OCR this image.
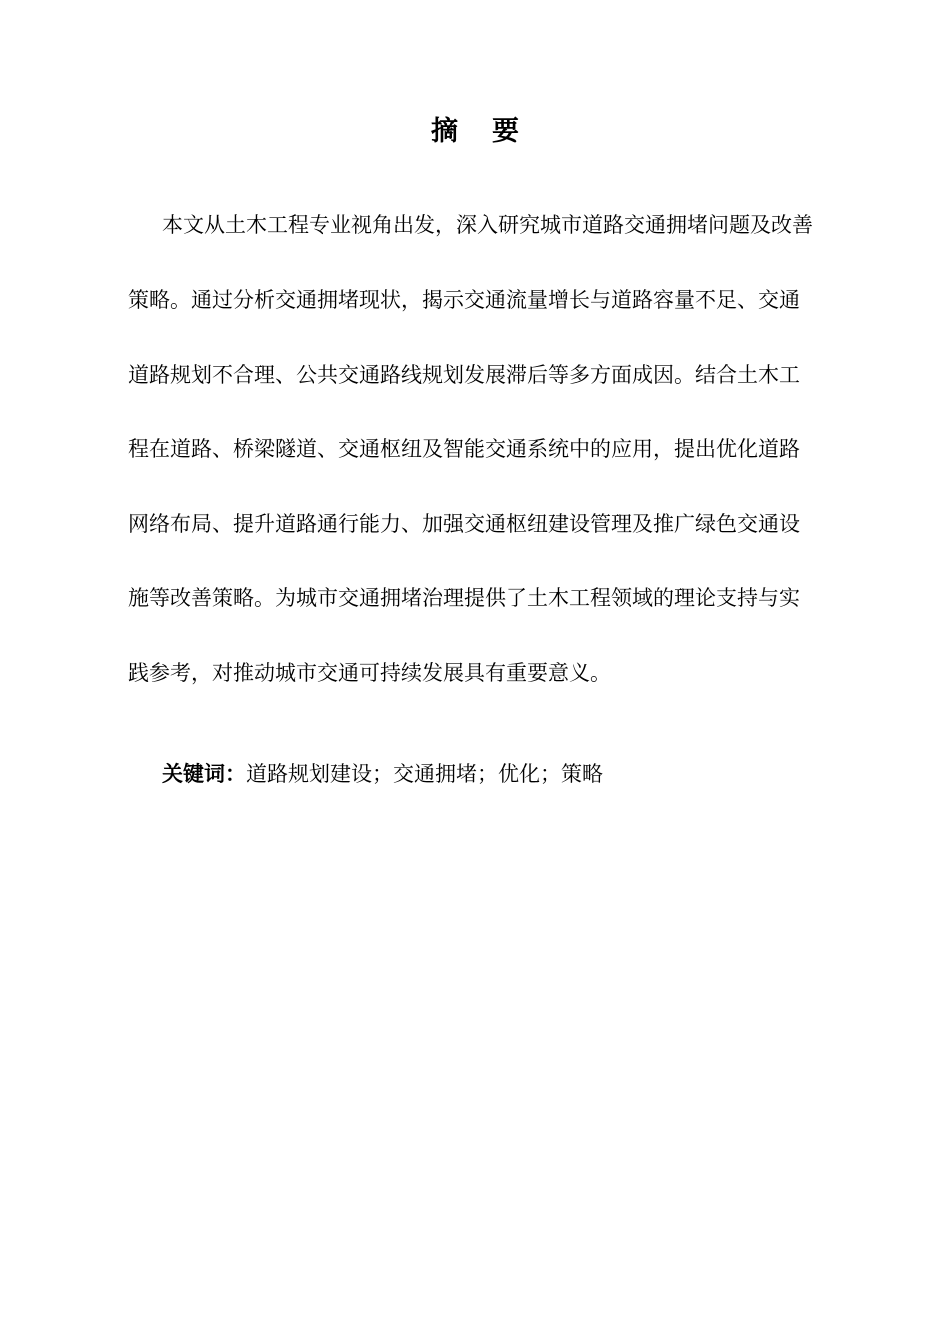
摘要
本文从土木工程专业视角出发，深入研究城市道路交通拥堵问题及改善
策略。通过分析交通拥堵现状，揭示交通流量增长与道路容量不足、交通
道路规划不合理、公共交通路线规划发展滞后等多方面成因。结合土木工
程在道路、桥梁隧道、交通枢纽及智能交通系统中的应用，提出优化道路
网络布局、提升道路通行能力、加强交通枢纽建设管理及推广绿色交通设
施等改善策略。为城市交通拥堵治理提供了土木工程领域的理论支持与实
践参考，对推动城市交通可持续发展具有重要意义。
关键词：道路规划建设；交通拥堵；优化；策略
